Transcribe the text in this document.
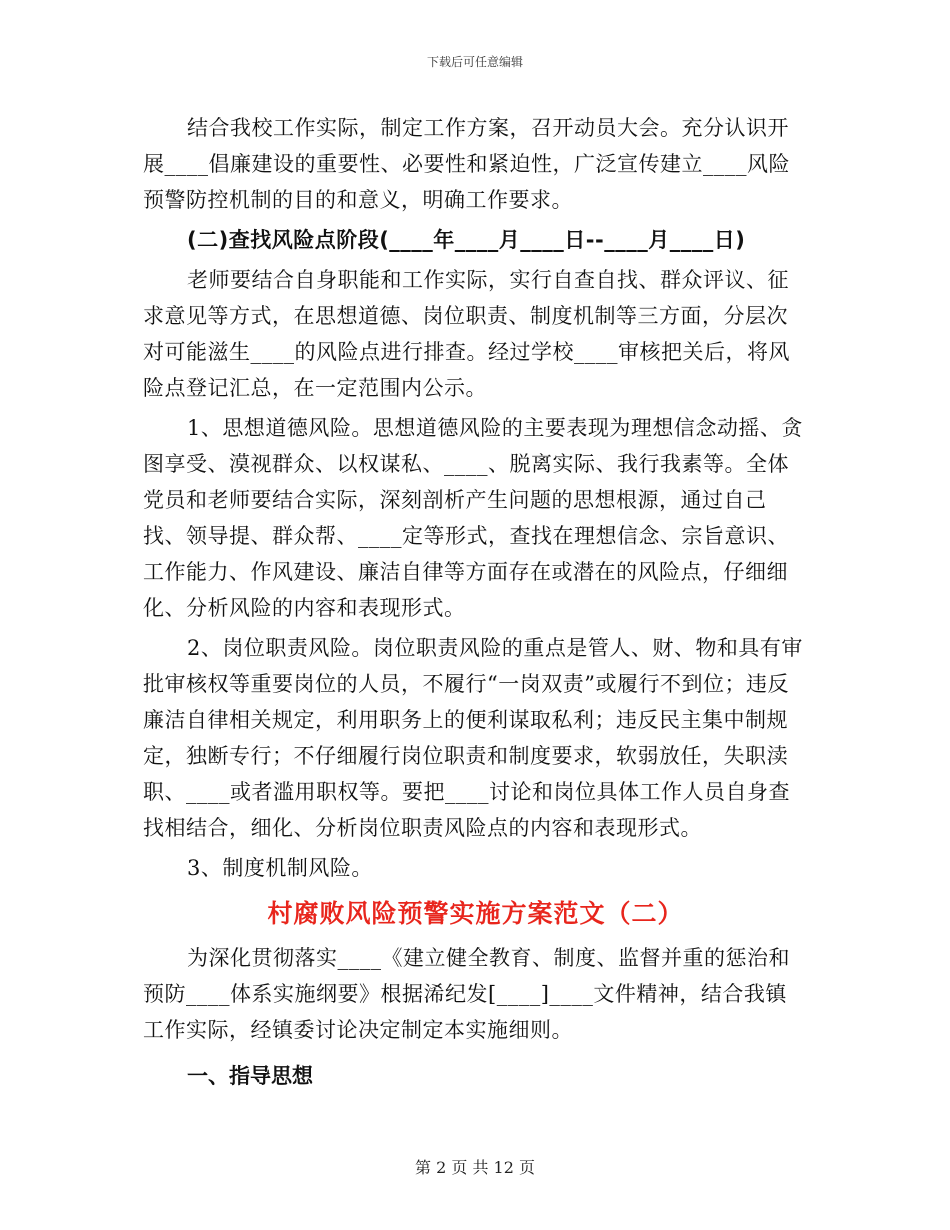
下载后可任意编辑

结合我校工作实际，制定工作方案，召开动员大会。充分认识开展____倡廉建设的重要性、必要性和紧迫性，广泛宣传建立____风险预警防控机制的目的和意义，明确工作要求。

(二)查找风险点阶段(____年____月____日--____月____日)

老师要结合自身职能和工作实际，实行自查自找、群众评议、征求意见等方式，在思想道德、岗位职责、制度机制等三方面，分层次对可能滋生____的风险点进行排查。经过学校____审核把关后，将风险点登记汇总，在一定范围内公示。

1、思想道德风险。思想道德风险的主要表现为理想信念动摇、贪图享受、漠视群众、以权谋私、____、脱离实际、我行我素等。全体党员和老师要结合实际，深刻剖析产生问题的思想根源，通过自己找、领导提、群众帮、____定等形式，查找在理想信念、宗旨意识、工作能力、作风建设、廉洁自律等方面存在或潜在的风险点，仔细细化、分析风险的内容和表现形式。

2、岗位职责风险。岗位职责风险的重点是管人、财、物和具有审批审核权等重要岗位的人员，不履行“一岗双责”或履行不到位；违反廉洁自律相关规定，利用职务上的便利谋取私利；违反民主集中制规定，独断专行；不仔细履行岗位职责和制度要求，软弱放任，失职渎职、____或者滥用职权等。要把____讨论和岗位具体工作人员自身查找相结合，细化、分析岗位职责风险点的内容和表现形式。

3、制度机制风险。

村腐败风险预警实施方案范文（二）

为深化贯彻落实____《建立健全教育、制度、监督并重的惩治和预防____体系实施纲要》根据浠纪发[____]____文件精神，结合我镇工作实际，经镇委讨论决定制定本实施细则。

一、指导思想
第 2 页 共 12 页
